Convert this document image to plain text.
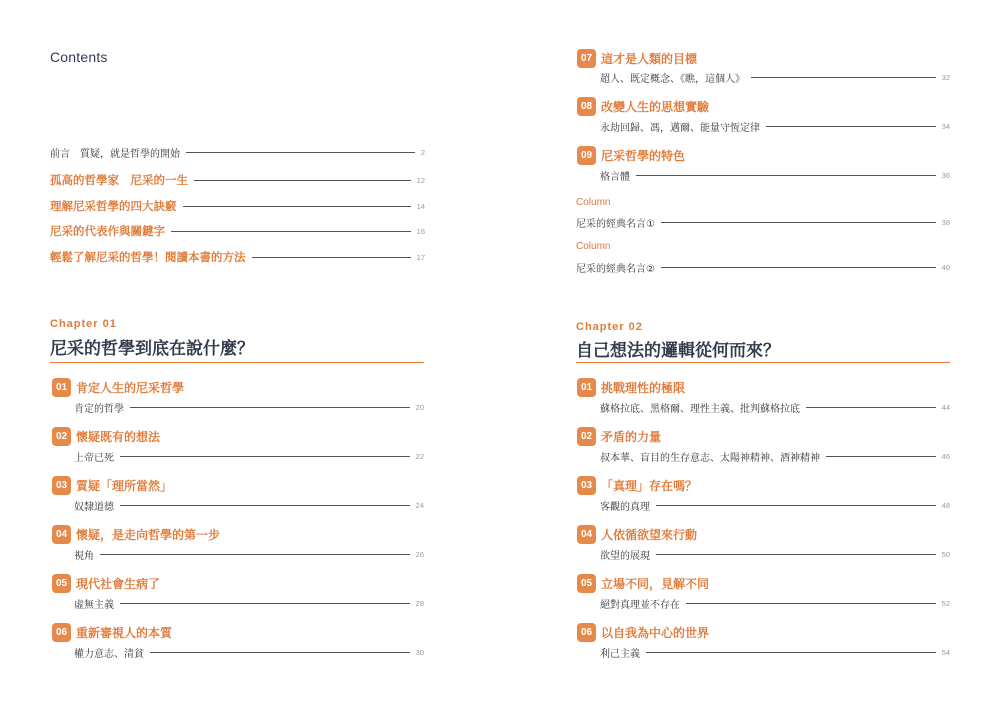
Contents
前言　質疑，就是哲學的開始	2
孤高的哲學家　尼采的一生	12
理解尼采哲學的四大訣竅	14
尼采的代表作與關鍵字	16
輕鬆了解尼采的哲學！閱讀本書的方法	17
Chapter 01
尼采的哲學到底在說什麼？
01 肯定人生的尼采哲學
肯定的哲學	20
02 懷疑既有的想法
上帝已死	22
03 質疑「理所當然」
奴隸道德	24
04 懷疑，是走向哲學的第一步
視角	26
05 現代社會生病了
虛無主義	28
06 重新審視人的本質
權力意志、清貧	30
07 這才是人類的目標
超人、既定概念、《瞧，這個人》	32
08 改變人生的思想實驗
永劫回歸、馮，邁爾、能量守恆定律	34
09 尼采哲學的特色
格言體	36
Column
尼采的經典名言①	38
Column
尼采的經典名言②	40
Chapter 02
自己想法的邏輯從何而來？
01 挑戰理性的極限
蘇格拉底、黑格爾、理性主義、批判蘇格拉底	44
02 矛盾的力量
叔本華、盲目的生存意志、太陽神精神、酒神精神	46
03 「真理」存在嗎？
客觀的真理	48
04 人依循欲望來行動
欲望的展現	50
05 立場不同，見解不同
絕對真理並不存在	52
06 以自我為中心的世界
利己主義	54
